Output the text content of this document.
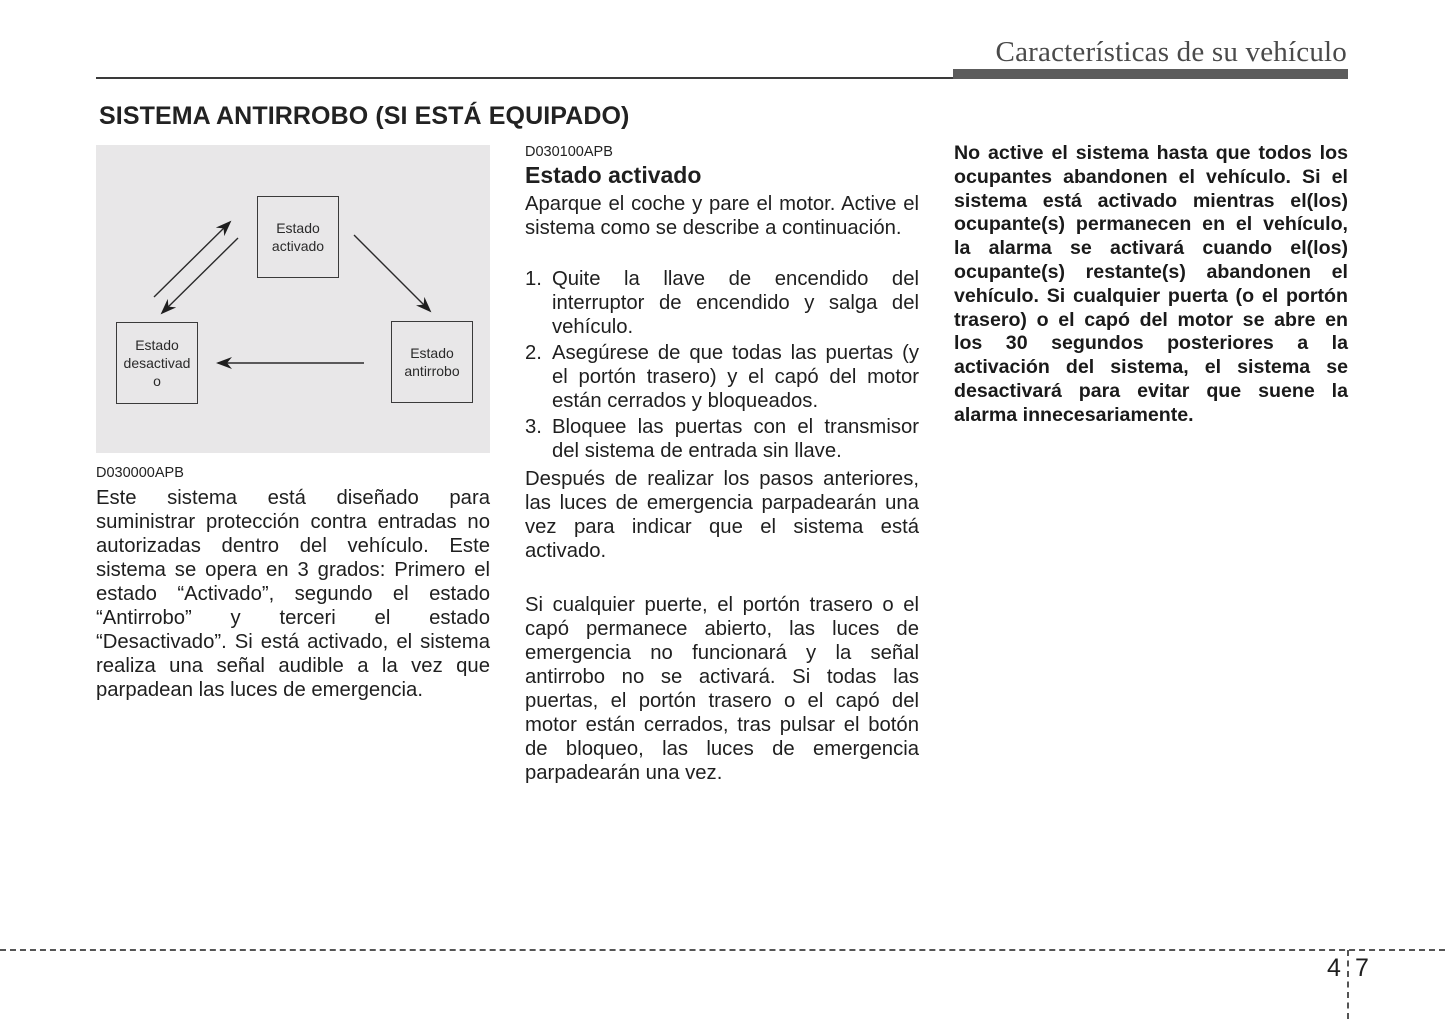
Características de su vehículo
SISTEMA ANTIRROBO (SI ESTÁ EQUIPADO)
Estado
activado
Estado
desactivad
o
Estado
antirrobo
D030000APB
Este sistema está diseñado para suministrar protección contra entradas no autorizadas dentro del vehículo. Este sistema se opera en 3 grados: Primero el estado “Activado”, segundo el estado “Antirrobo” y terceri el estado “Desactivado”. Si está activado, el sistema realiza una señal audible a la vez que parpadean las luces de emergencia.
D030100APB
Estado activado
Aparque el coche y pare el motor. Active el sistema como se describe a continuación.
1. Quite la llave de encendido del interruptor de encendido y salga del vehículo.
2. Asegúrese de que todas las puertas (y el portón trasero) y el capó del motor están cerrados y bloqueados.
3. Bloquee las puertas con el transmisor del sistema de entrada sin llave.
Después de realizar los pasos anteriores, las luces de emergencia parpadearán una vez para indicar que el sistema está activado.
Si cualquier puerte, el portón trasero o el capó permanece abierto, las luces de emergencia no funcionará y la señal antirrobo no se activará. Si todas las puertas, el portón trasero o el capó del motor están cerrados, tras pulsar el botón de bloqueo, las luces de emergencia parpadearán una vez.
No active el sistema hasta que todos los ocupantes abandonen el vehículo. Si el sistema está activado mientras el(los) ocupante(s) permanecen en el vehículo, la alarma se activará cuando el(los) ocupante(s) restante(s) abandonen el vehículo. Si cualquier puerta (o el portón trasero) o el capó del motor se abre en los 30 segundos posteriores a la activación del sistema, el sistema se desactivará para evitar que suene la alarma innecesariamente.
4 7
